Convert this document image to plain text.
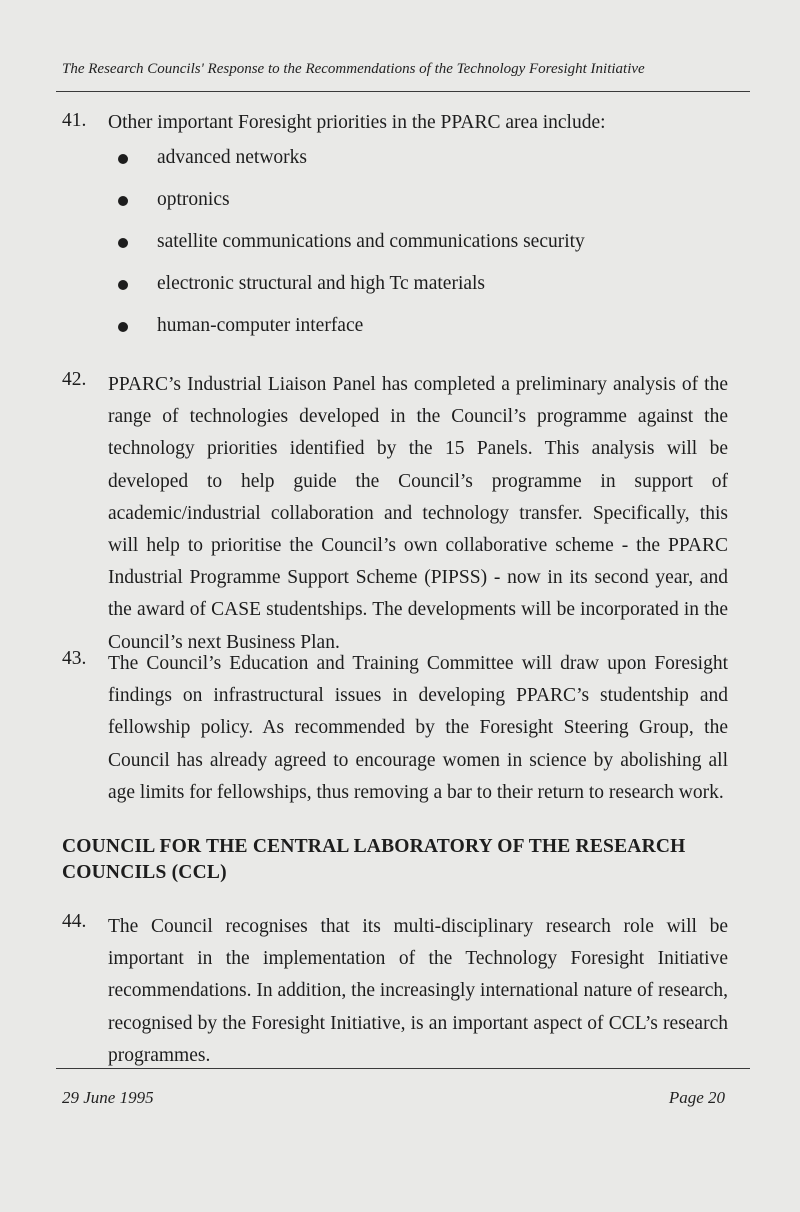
The Research Councils' Response to the Recommendations of the Technology Foresight Initiative
41. Other important Foresight priorities in the PPARC area include:

advanced networks
optronics
satellite communications and communications security
electronic structural and high Tc materials
human-computer interface
42. PPARC’s Industrial Liaison Panel has completed a preliminary analysis of the range of technologies developed in the Council’s programme against the technology priorities identified by the 15 Panels. This analysis will be developed to help guide the Council’s programme in support of academic/industrial collaboration and technology transfer. Specifically, this will help to prioritise the Council’s own collaborative scheme - the PPARC Industrial Programme Support Scheme (PIPSS) - now in its second year, and the award of CASE studentships. The developments will be incorporated in the Council’s next Business Plan.

43. The Council’s Education and Training Committee will draw upon Foresight findings on infrastructural issues in developing PPARC’s studentship and fellowship policy. As recommended by the Foresight Steering Group, the Council has already agreed to encourage women in science by abolishing all age limits for fellowships, thus removing a bar to their return to research work.

COUNCIL FOR THE CENTRAL LABORATORY OF THE RESEARCH COUNCILS (CCL)
44. The Council recognises that its multi-disciplinary research role will be important in the implementation of the Technology Foresight Initiative recommendations. In addition, the increasingly international nature of research, recognised by the Foresight Initiative, is an important aspect of CCL’s research programmes.

29 June 1995	Page 20
